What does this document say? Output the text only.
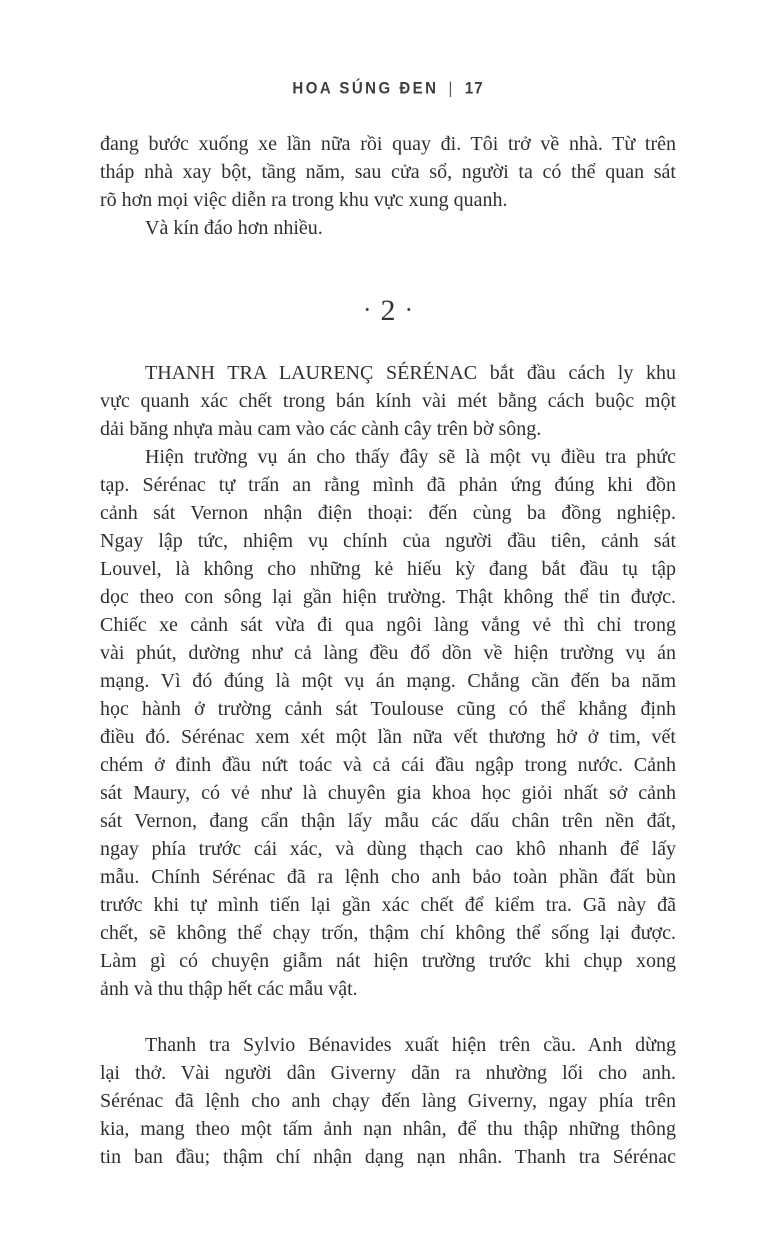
HOA SÚNG ĐEN | 17
đang bước xuống xe lần nữa rồi quay đi. Tôi trở về nhà. Từ trên
tháp nhà xay bột, tầng năm, sau cửa sổ, người ta có thể quan sát
rõ hơn mọi việc diễn ra trong khu vực xung quanh.
Và kín đáo hơn nhiều.
· 2 ·
THANH TRA LAURENÇ SÉRÉNAC bắt đầu cách ly khu
vực quanh xác chết trong bán kính vài mét bằng cách buộc một
dải băng nhựa màu cam vào các cành cây trên bờ sông.
Hiện trường vụ án cho thấy đây sẽ là một vụ điều tra phức
tạp. Sérénac tự trấn an rằng mình đã phản ứng đúng khi đồn
cảnh sát Vernon nhận điện thoại: đến cùng ba đồng nghiệp.
Ngay lập tức, nhiệm vụ chính của người đầu tiên, cảnh sát
Louvel, là không cho những kẻ hiếu kỳ đang bắt đầu tụ tập
dọc theo con sông lại gần hiện trường. Thật không thể tin được.
Chiếc xe cảnh sát vừa đi qua ngôi làng vắng vẻ thì chỉ trong
vài phút, dường như cả làng đều đổ dồn về hiện trường vụ án
mạng. Vì đó đúng là một vụ án mạng. Chẳng cần đến ba năm
học hành ở trường cảnh sát Toulouse cũng có thể khẳng định
điều đó. Sérénac xem xét một lần nữa vết thương hở ở tim, vết
chém ở đỉnh đầu nứt toác và cả cái đầu ngập trong nước. Cảnh
sát Maury, có vẻ như là chuyên gia khoa học giỏi nhất sở cảnh
sát Vernon, đang cẩn thận lấy mẫu các dấu chân trên nền đất,
ngay phía trước cái xác, và dùng thạch cao khô nhanh để lấy
mẫu. Chính Sérénac đã ra lệnh cho anh bảo toàn phần đất bùn
trước khi tự mình tiến lại gần xác chết để kiểm tra. Gã này đã
chết, sẽ không thể chạy trốn, thậm chí không thể sống lại được.
Làm gì có chuyện giẫm nát hiện trường trước khi chụp xong
ảnh và thu thập hết các mẫu vật.
Thanh tra Sylvio Bénavides xuất hiện trên cầu. Anh dừng
lại thở. Vài người dân Giverny dãn ra nhường lối cho anh.
Sérénac đã lệnh cho anh chạy đến làng Giverny, ngay phía trên
kia, mang theo một tấm ảnh nạn nhân, để thu thập những thông
tin ban đầu; thậm chí nhận dạng nạn nhân. Thanh tra Sérénac
